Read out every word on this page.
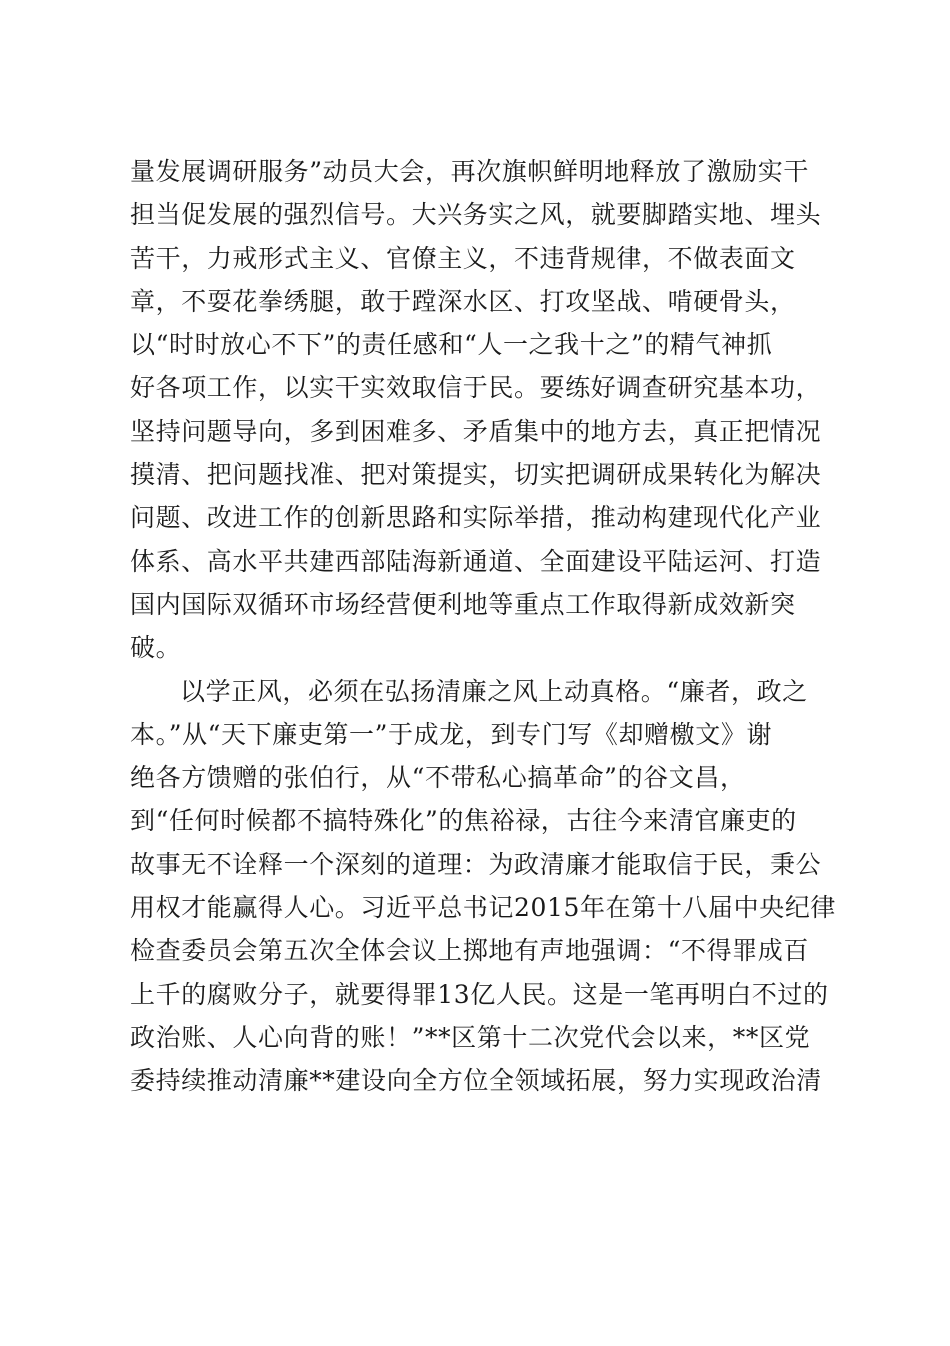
量发展调研服务”动员大会，再次旗帜鲜明地释放了激励实干
担当促发展的强烈信号。大兴务实之风，就要脚踏实地、埋头
苦干，力戒形式主义、官僚主义，不违背规律，不做表面文
章，不耍花拳绣腿，敢于蹚深水区、打攻坚战、啃硬骨头，
以“时时放心不下”的责任感和“人一之我十之”的精气神抓
好各项工作，以实干实效取信于民。要练好调查研究基本功，
坚持问题导向，多到困难多、矛盾集中的地方去，真正把情况
摸清、把问题找准、把对策提实，切实把调研成果转化为解决
问题、改进工作的创新思路和实际举措，推动构建现代化产业
体系、高水平共建西部陆海新通道、全面建设平陆运河、打造
国内国际双循环市场经营便利地等重点工作取得新成效新突
破。
以学正风，必须在弘扬清廉之风上动真格。“廉者，政之
本。”从“天下廉吏第一”于成龙，到专门写《却赠檄文》谢
绝各方馈赠的张伯行，从“不带私心搞革命”的谷文昌，
到“任何时候都不搞特殊化”的焦裕禄，古往今来清官廉吏的
故事无不诠释一个深刻的道理：为政清廉才能取信于民，秉公
用权才能赢得人心。习近平总书记2015年在第十八届中央纪律
检查委员会第五次全体会议上掷地有声地强调：“不得罪成百
上千的腐败分子，就要得罪13亿人民。这是一笔再明白不过的
政治账、人心向背的账！”**区第十二次党代会以来，**区党
委持续推动清廉**建设向全方位全领域拓展，努力实现政治清
